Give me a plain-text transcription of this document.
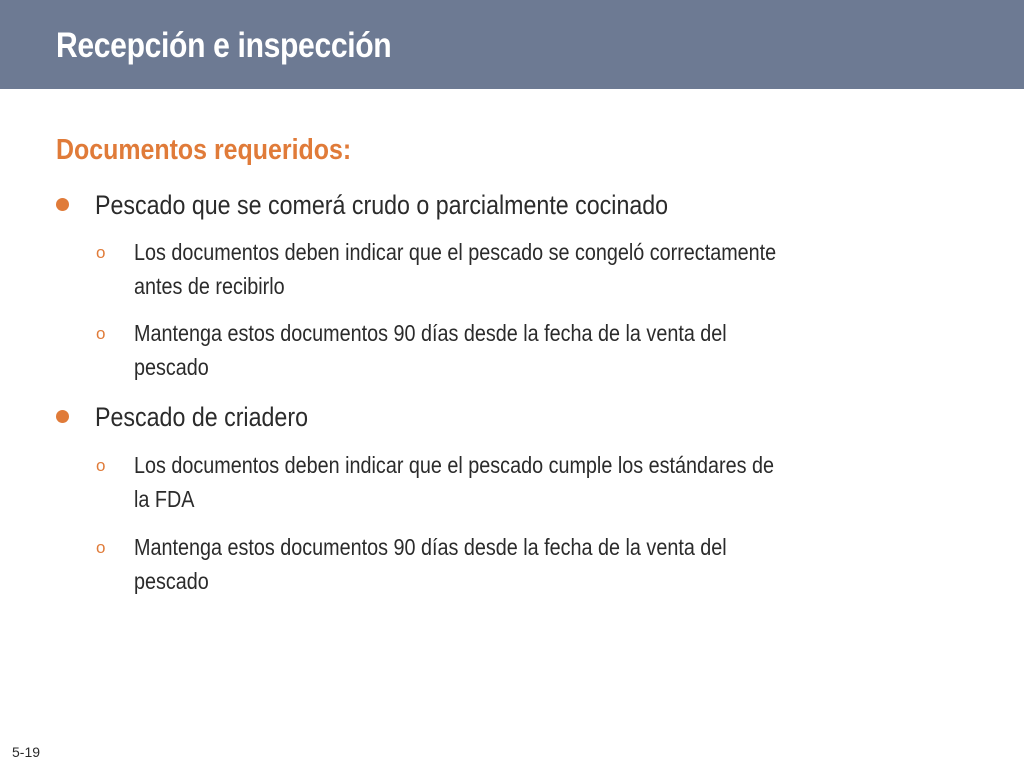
Recepción e inspección
Documentos requeridos:
Pescado que se comerá crudo o parcialmente cocinado
o Los documentos deben indicar que el pescado se congeló correctamente
antes de recibirlo
o Mantenga estos documentos 90 días desde la fecha de la venta del
pescado
Pescado de criadero
o Los documentos deben indicar que el pescado cumple los estándares de
la FDA
o Mantenga estos documentos 90 días desde la fecha de la venta del
pescado
5-19
